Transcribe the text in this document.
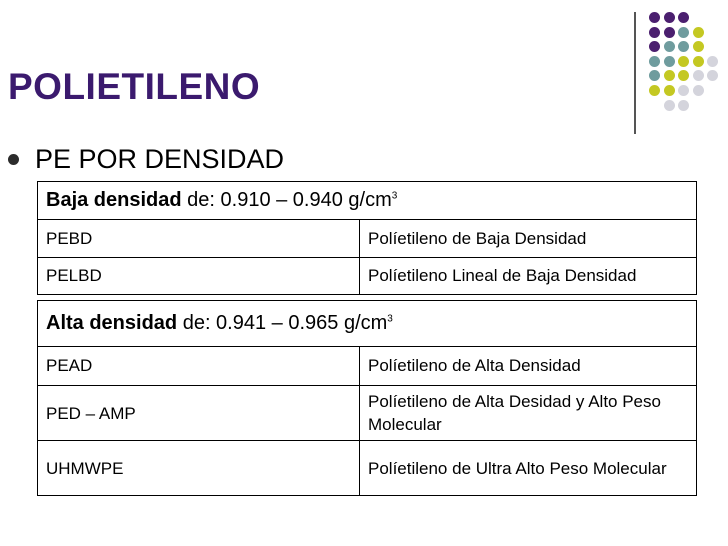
POLIETILENO
PE POR DENSIDAD
Baja densidad de: 0.910 – 0.940 $g/cm^3$
PEBD	Políetileno de Baja Densidad
PELBD	Políetileno Lineal de Baja Densidad
Alta densidad de: 0.941 – 0.965 $g/cm^3$
PEAD	Políetileno de Alta Densidad
PED – AMP	Políetileno de Alta Desidad y Alto Peso Molecular
UHMWPE	Políetileno de Ultra Alto Peso Molecular
